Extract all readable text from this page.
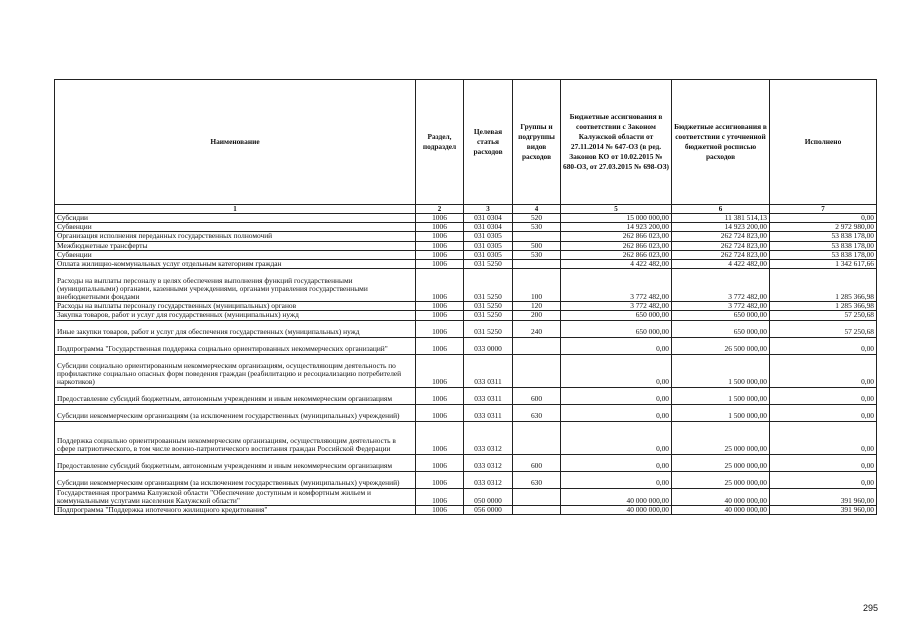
Наименование	Раздел, подраздел	Целевая статья расходов	Группы и подгруппы видов расходов	Бюджетные ассигнования в соответствии с Законом Калужской области от 27.11.2014 № 647-ОЗ (в ред. Законов КО от 10.02.2015 № 680-ОЗ, от 27.03.2015 № 698-ОЗ)	Бюджетные ассигнования в соответствии с уточненной бюджетной росписью расходов	Исполнено
1	2	3	4	5	6	7
Субсидии	1006	031 0304	520	15 000 000,00	11 381 514,13	0,00
Субвенции	1006	031 0304	530	14 923 200,00	14 923 200,00	2 972 980,00
Организация исполнения переданных государственных полномочий	1006	031 0305		262 866 023,00	262 724 823,00	53 838 178,00
Межбюджетные трансферты	1006	031 0305	500	262 866 023,00	262 724 823,00	53 838 178,00
Субвенции	1006	031 0305	530	262 866 023,00	262 724 823,00	53 838 178,00
Оплата жилищно-коммунальных услуг отдельным категориям граждан	1006	031 5250		4 422 482,00	4 422 482,00	1 342 617,66
Расходы на выплаты персоналу в целях обеспечения выполнения функций государственными (муниципальными) органами, казенными учреждениями, органами управления государственными внебюджетными фондами	1006	031 5250	100	3 772 482,00	3 772 482,00	1 285 366,98
Расходы на выплаты персоналу государственных (муниципальных) органов	1006	031 5250	120	3 772 482,00	3 772 482,00	1 285 366,98
Закупка товаров, работ и услуг для государственных (муниципальных) нужд	1006	031 5250	200	650 000,00	650 000,00	57 250,68
Иные закупки товаров, работ и услуг для обеспечения государственных (муниципальных) нужд	1006	031 5250	240	650 000,00	650 000,00	57 250,68
Подпрограмма "Государственная поддержка социально ориентированных некоммерческих организаций"	1006	033 0000		0,00	26 500 000,00	0,00
Субсидии социально ориентированным некоммерческим организациям, осуществляющим деятельность по профилактике социально опасных форм поведения граждан (реабилитацию и ресоциализацию потребителей наркотиков)	1006	033 0311		0,00	1 500 000,00	0,00
Предоставление субсидий бюджетным, автономным учреждениям и иным некоммерческим организациям	1006	033 0311	600	0,00	1 500 000,00	0,00
Субсидии некоммерческим организациям (за исключением государственных (муниципальных) учреждений)	1006	033 0311	630	0,00	1 500 000,00	0,00
Поддержка социально ориентированным некоммерческим организациям, осуществляющим деятельность в сфере патриотического, в том числе военно-патриотического воспитания граждан Российской Федерации	1006	033 0312		0,00	25 000 000,00	0,00
Предоставление субсидий бюджетным, автономным учреждениям и иным некоммерческим организациям	1006	033 0312	600	0,00	25 000 000,00	0,00
Субсидии некоммерческим организациям (за исключением государственных (муниципальных) учреждений)	1006	033 0312	630	0,00	25 000 000,00	0,00
Государственная программа Калужской области "Обеспечение доступным и комфортным жильем и коммунальными услугами населения Калужской области"	1006	050 0000		40 000 000,00	40 000 000,00	391 960,00
Подпрограмма "Поддержка ипотечного жилищного кредитования"	1006	056 0000		40 000 000,00	40 000 000,00	391 960,00
295
